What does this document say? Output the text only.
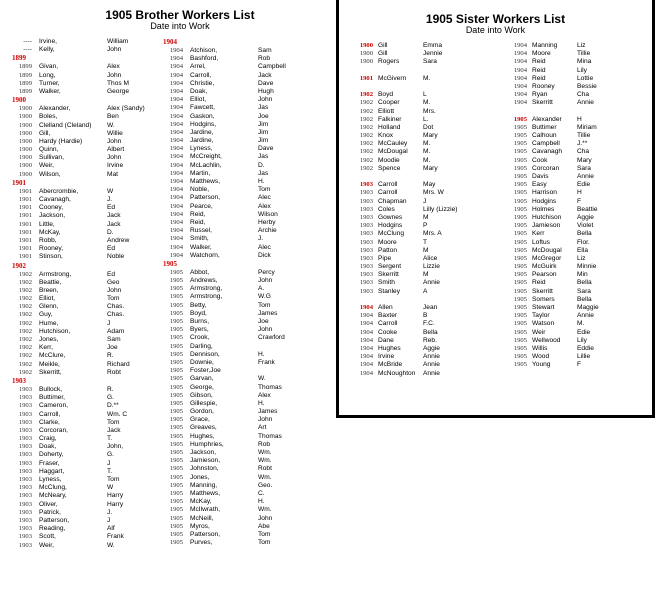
1905 Brother Workers List
Date into Work
---- Irvine,	William
---- Kelly,	John
1899
1899 Givan,	Alex
1899 Long,	John
1899 Turner,	Thos M
1899 Walker,	George
1900
1900 Alexander,	Alex (Sandy)
1900 Boles,	Ben
1900 Clelland (Cleland) W.
1900 Gill,	Willie
1900 Hardy (Hardie)	John
1900 Quinn,	Albert
1900 Sullivan,	John
1900 Weir,	Irvine
1900 Wilson,	Mat
1901
1901 Abercrombie,	W
1901 Cavanagh,	J.
1901 Cooney,	Ed
1901 Jackson,	Jack
1901 Little,	Jack
1901 McKay,	D.
1901 Robb,	Andrew
1901 Rooney,	Ed
1901 Stinson,	Noble
1902
1902 Armstrong,	Ed
1902 Beattie,	Geo
1902 Breen,	John
1902 Elliot,	Tom
1902 Glenn,	Chas.
1902 Guy,	Chas.
1902 Hume,	J
1902 Hutchison,	Adam
1902 Jones,	Sam
1902 Kerr,	Joe
1902 McClure,	R.
1902 Meikle,	Richard
1902 Skerritt,	Robt
1903
1903 Bullock,	R.
1903 Buttimer,	G.
1903 Cameron,	D.**
1903 Carroll,	Wm. C
1903 Clarke,	Tom
1903 Corcoran,	Jack
1903 Craig,	T.
1903 Doak,	John,
1903 Doherty,	G.
1903 Fraser,	J
1903 Haggart,	T.
1903 Lyness,	Tom
1903 McClung,	W
1903 McNeary,	Harry
1903 Oliver,	Harry
1903 Patrick,	J.
1903 Patterson,	J
1903 Reading,	Alf
1903 Scott,	Frank
1903 Weir,	W.
1904
1904 Atchison,	Sam
1904 Bashford,	Rob
1904 Arrel,	Campbell
1904 Carroll,	Jack
1904 Christie,	Dave
1904 Doak,	Hugh
1904 Elliot,	John
1904 Fawcett,	Jas
1904 Gaskon,	Joe
1904 Hodgins,	Jim
1904 Jardine,	Jim
1904 Jardine,	Jim
1904 Lyness,	Dave
1904 McCreight,	Jas
1904 McLachlin,	D.
1904 Martin,	Jas
1904 Matthews,	H.
1904 Noble,	Tom
1904 Patterson,	Alec
1904 Pearce,	Alex
1904 Reid,	Wilson
1904 Reid,	Herby
1904 Russel,	Archie
1904 Smith,	J.
1904 Walker,	Alec
1904 Watchorn,	Dick
1905
1905 Abbot,	Percy
1905 Andrews,	John
1905 Armstrong,	A.
1905 Armstrong,	W.G
1905 Betty,	Tom
1905 Boyd,	James
1905 Burns,	Joe
1905 Byers,	John
1905 Crook,	Crawford
1905 Darling,
1905 Dennison,	H.
1905 Downie,	Frank
1905 Foster,Joe
1905 Garvan,	W.
1905 George,	Thomas
1905 Gibson,	Alex
1905 Gillespie,	H.
1905 Gordon,	James
1905 Grace,	John
1905 Greaves,	Art
1905 Hughes,	Thomas
1905 Humphries,	Rob
1905 Jackson,	Wm.
1905 Jamieson,	Wm.
1905 Johnston,	Robt
1905 Jones,	Wm.
1905 Manning,	Geo.
1905 Matthews,	C.
1905 McKay,	H.
1905 McIlwrath,	Wm.
1905 McNeill,	John
1905 Myros,	Abe
1905 Patterson,	Tom
1905 Purves,	Tom
1905 Sister Workers List
Date into Work
1900 Gill	Emma
1900 Gill	Jennie
1900 Rogers	Sara
1901 McGivern	M.
1902 Boyd	L
1902 Cooper	M.
1902 Elliott	Mrs.
1902 Falkiner	L.
1902 Holland	Dot
1902 Knox	Mary
1902 McCauley M.
1902 McDougal M.
1902 Moodie	M.
1902 Spence	Mary
1903 Carroll	May
1903 Carroll	Mrs. W
1903 Chapman J
1903 Coles	Lilly (Lizzie)
1903 Gownes	M
1903 Hodgins	P
1903 McClung	Mrs. A
1903 Moore	T
1903 Patton	M
1903 Pipe	Alice
1903 Sergent	Lizzie
1903 Skerritt	M
1903 Smith	Annie
1903 Stanley	A
1904 Allen	Jean
1904 Baxter	B
1904 Carroll	F.C.
1904 Cooke	Bella
1904 Dane	Reb.
1904 Hughes	Aggie
1904 Irvine	Annie
1904 McBride	Annie
1904 McNoughton Annie
1904 Manning	Liz
1904 Moore	Tillie
1904 Reid	Mina
1904 Reid	Lily
1904 Reid	Lottie
1904 Rooney	Bessie
1904 Ryan	Cha
1904 Skerritt	Annie
1905 Alexander H
1905 Buttimer	Miriam
1905 Calhoun	Tillie
1905 Campbell	J.**
1905 Cavanagh Cha
1905 Cook	Mary
1905 Corcoran	Sara
1905 Davis	Annie
1905 Easy	Edie
1905 Harrison	H
1905 Hodgins	F
1905 Holmes	Beattie
1905 Hutchison Aggie
1905 Jamieson	Violet
1905 Kerr	Bella
1905 Loftus	Flor.
1905 McDougal Ella
1905 McGregor Liz
1905 McGuirk	Minnie
1905 Pearson	Min
1905 Reid	Bella
1905 Skerritt	Sara
1905 Somers	Bella
1905 Stewart	Maggie
1905 Taylor	Annie
1905 Watson	M.
1905 Weir	Edie
1905 Wellwood	Lily
1905 Willis	Eddie
1905 Wood	Lillie
1905 Young	F
